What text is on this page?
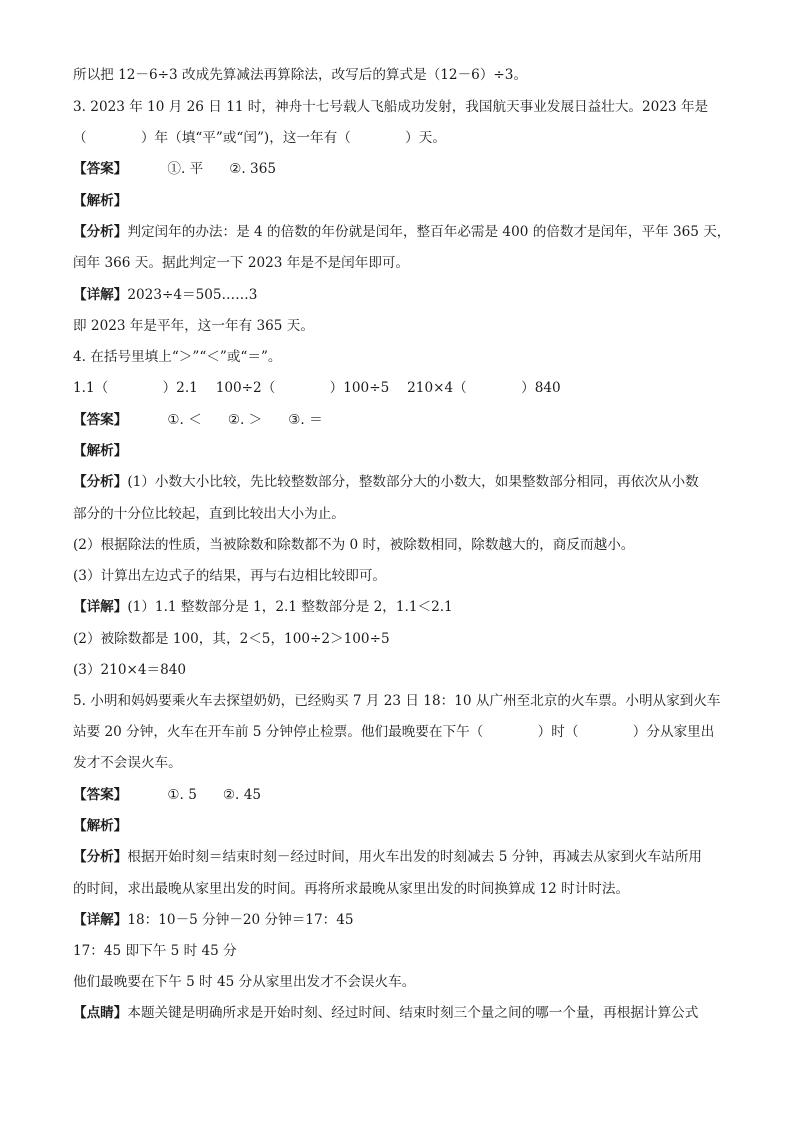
所以把 12－6÷3 改成先算减法再算除法，改写后的算式是（12－6）÷3。
3. 2023 年 10 月 26 日 11 时，神舟十七号载人飞船成功发射，我国航天事业发展日益壮大。2023 年是
（　　　　）年（填“平”或“闰”)，这一年有（　　　　）天。
【答案】	①. 平 ②. 365
【解析】
【分析】判定闰年的办法：是 4 的倍数的年份就是闰年，整百年必需是 400 的倍数才是闰年，平年 365 天，
闰年 366 天。据此判定一下 2023 年是不是闰年即可。
【详解】2023÷4＝505……3
即 2023 年是平年，这一年有 365 天。
4. 在括号里填上“＞”“＜”或“＝”。
1.1（　　　　）2.1　 100÷2（　　　　）100÷5　 210×4（　　　　）840
【答案】	①. ＜ ②. ＞ ③. ＝
【解析】
【分析】(1）小数大小比较，先比较整数部分，整数部分大的小数大，如果整数部分相同，再依次从小数
部分的十分位比较起，直到比较出大小为止。
(2）根据除法的性质，当被除数和除数都不为 0 时，被除数相同，除数越大的，商反而越小。
(3）计算出左边式子的结果，再与右边相比较即可。
【详解】(1）1.1 整数部分是 1，2.1 整数部分是 2，1.1＜2.1
(2）被除数都是 100，其，2＜5，100÷2＞100÷5
(3）210×4＝840
5. 小明和妈妈要乘火车去探望奶奶，已经购买 7 月 23 日 18：10 从广州至北京的火车票。小明从家到火车
站要 20 分钟，火车在开车前 5 分钟停止检票。他们最晚要在下午（　　　　）时（　　　　）分从家里出
发才不会误火车。
【答案】	①. 5 ②. 45
【解析】
【分析】根据开始时刻＝结束时刻－经过时间，用火车出发的时刻减去 5 分钟，再减去从家到火车站所用
的时间，求出最晚从家里出发的时间。再将所求最晚从家里出发的时间换算成 12 时计时法。
【详解】18：10－5 分钟－20 分钟＝17：45
17：45 即下午 5 时 45 分
他们最晚要在下午 5 时 45 分从家里出发才不会误火车。
【点睛】本题关键是明确所求是开始时刻、经过时间、结束时刻三个量之间的哪一个量，再根据计算公式
